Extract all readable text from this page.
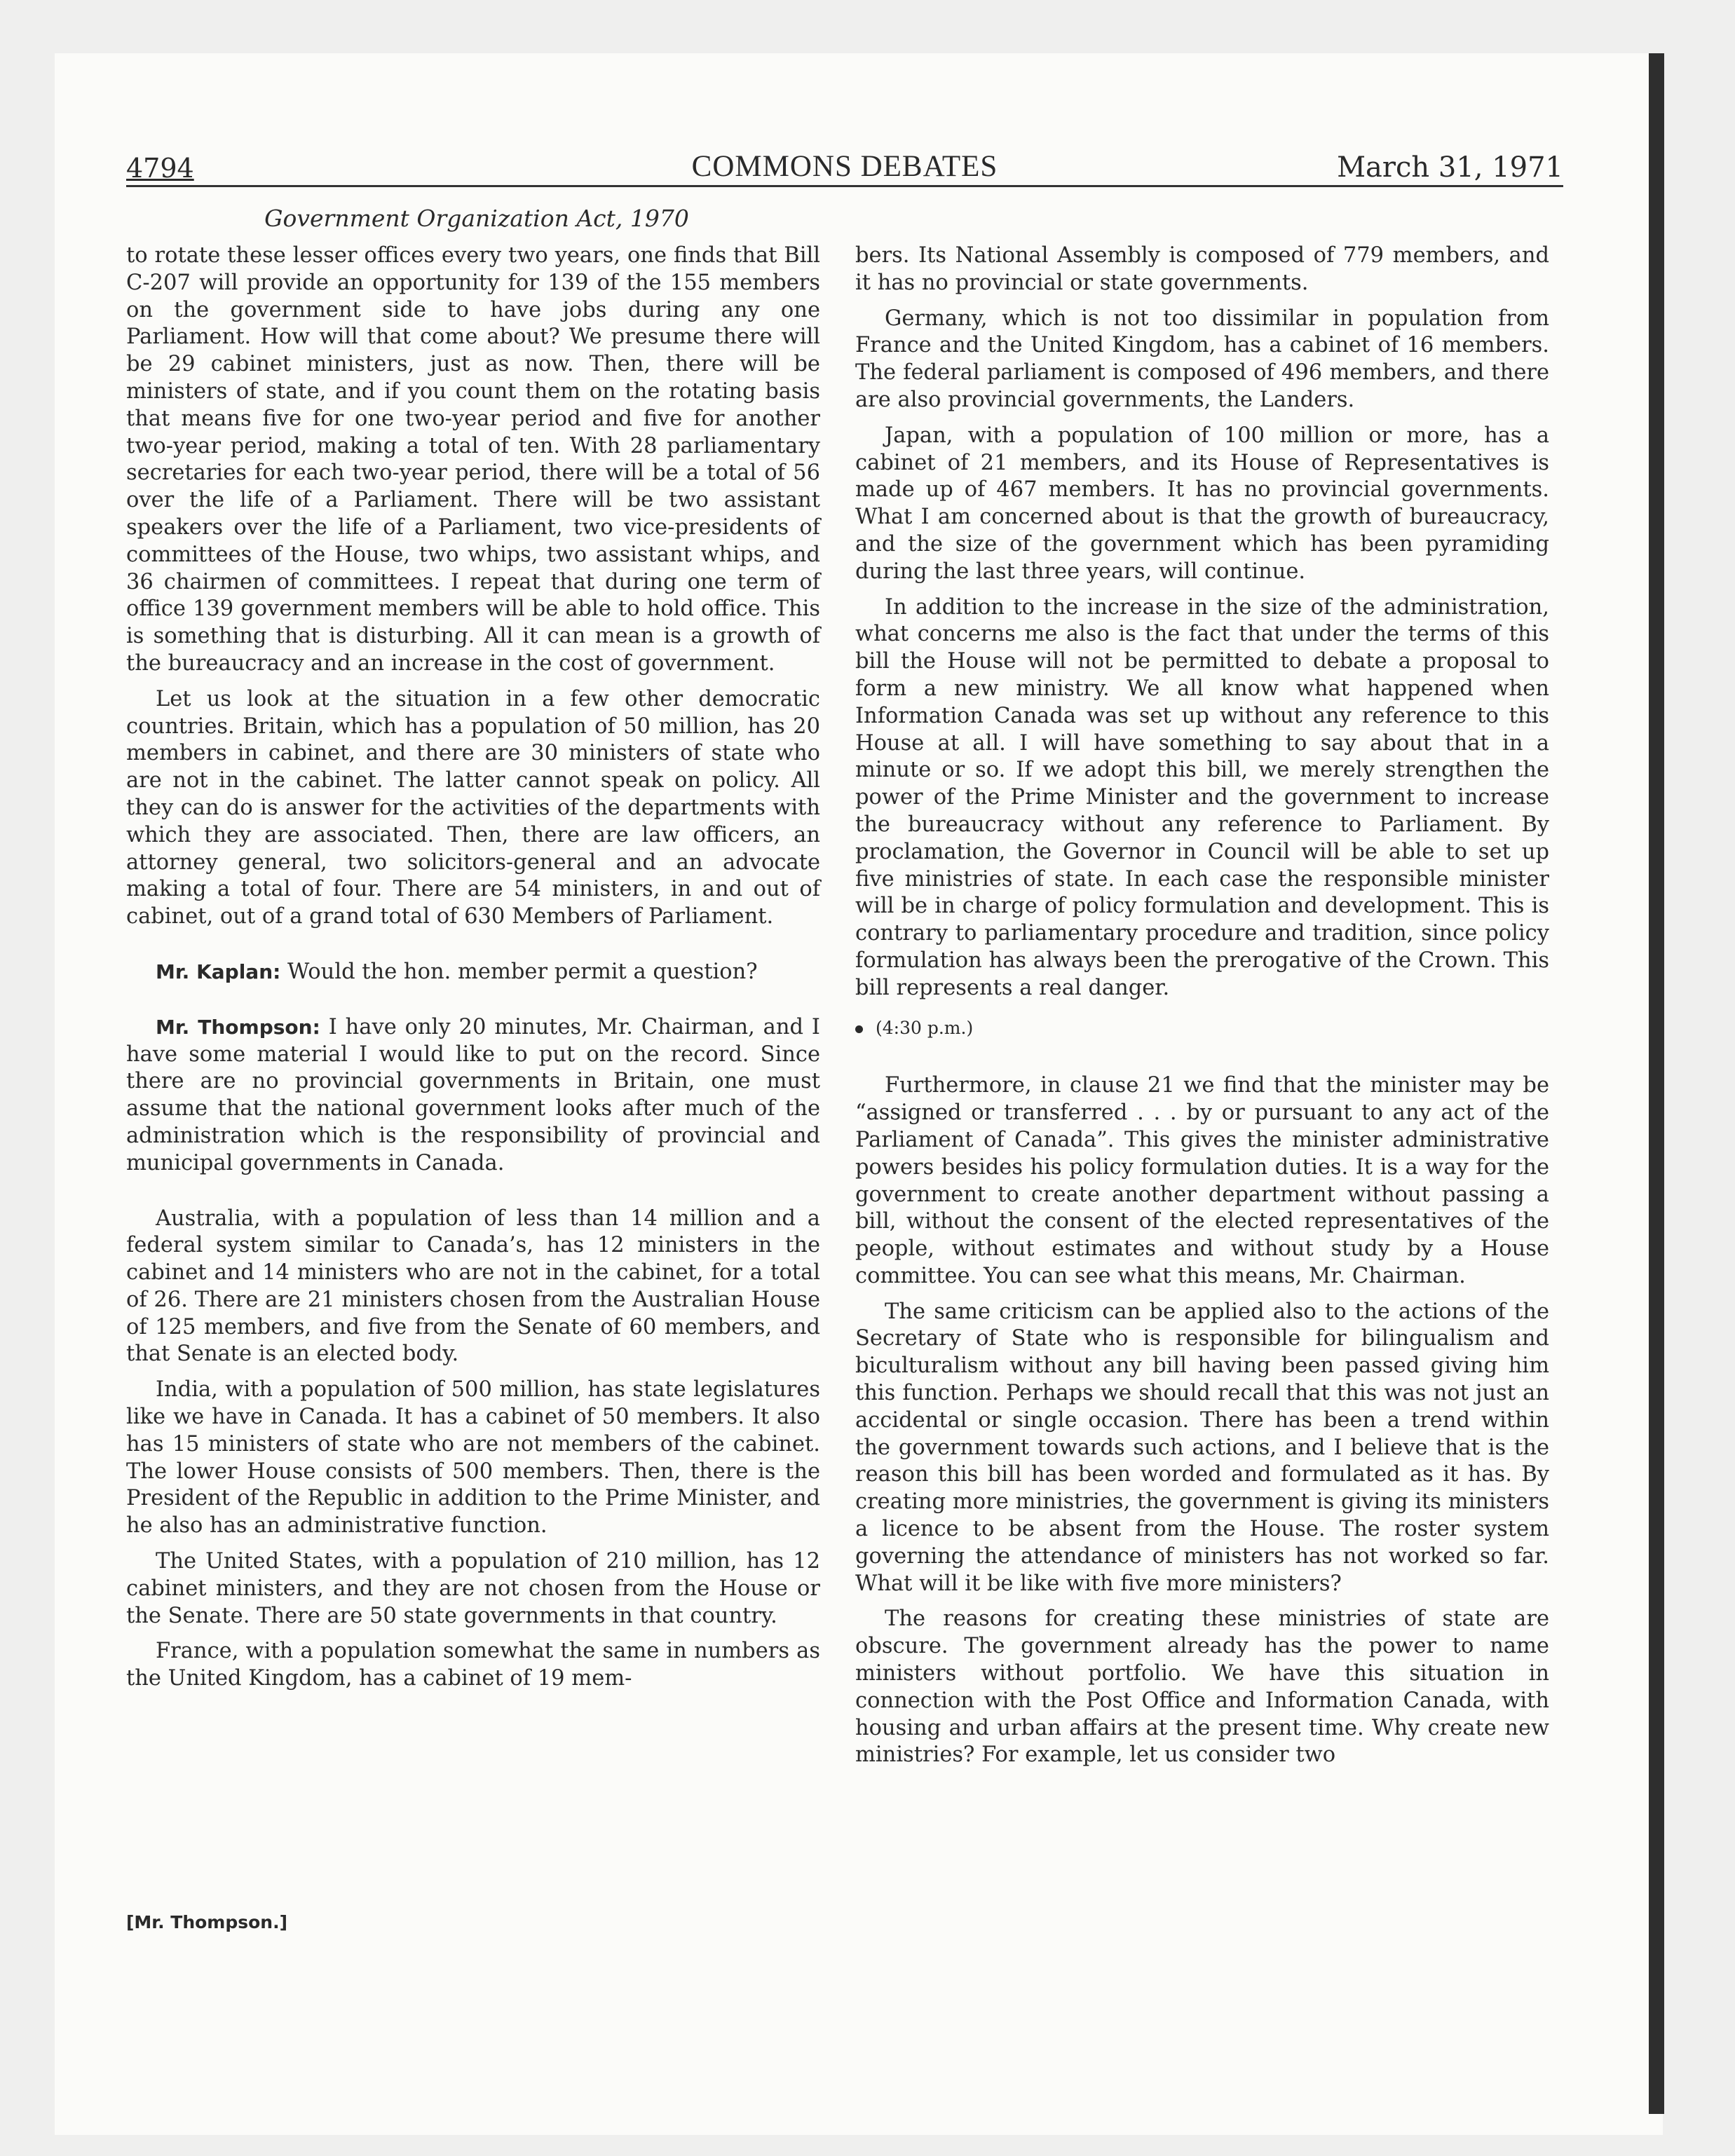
4794	COMMONS DEBATES	March 31, 1971
Government Organization Act, 1970

to rotate these lesser offices every two years, one finds that Bill C-207 will provide an opportunity for 139 of the 155 members on the government side to have jobs during any one Parliament. How will that come about? We presume there will be 29 cabinet ministers, just as now. Then, there will be ministers of state, and if you count them on the rotating basis that means five for one two-year period and five for another two-year period, making a total of ten. With 28 parliamentary secretaries for each two-year period, there will be a total of 56 over the life of a Parliament. There will be two assistant speakers over the life of a Parliament, two vice-presidents of committees of the House, two whips, two assistant whips, and 36 chairmen of committees. I repeat that during one term of office 139 government members will be able to hold office. This is something that is disturbing. All it can mean is a growth of the bureaucracy and an increase in the cost of government.

Let us look at the situation in a few other democratic countries. Britain, which has a population of 50 million, has 20 members in cabinet, and there are 30 ministers of state who are not in the cabinet. The latter cannot speak on policy. All they can do is answer for the activities of the departments with which they are associated. Then, there are law officers, an attorney general, two solicitors-general and an advocate making a total of four. There are 54 ministers, in and out of cabinet, out of a grand total of 630 Members of Parliament.

Mr. Kaplan: Would the hon. member permit a question?

Mr. Thompson: I have only 20 minutes, Mr. Chairman, and I have some material I would like to put on the record. Since there are no provincial governments in Britain, one must assume that the national government looks after much of the administration which is the responsibility of provincial and municipal governments in Canada.

Australia, with a population of less than 14 million and a federal system similar to Canada’s, has 12 ministers in the cabinet and 14 ministers who are not in the cabinet, for a total of 26. There are 21 ministers chosen from the Australian House of 125 members, and five from the Senate of 60 members, and that Senate is an elected body.

India, with a population of 500 million, has state legislatures like we have in Canada. It has a cabinet of 50 members. It also has 15 ministers of state who are not members of the cabinet. The lower House consists of 500 members. Then, there is the President of the Republic in addition to the Prime Minister, and he also has an administrative function.

The United States, with a population of 210 million, has 12 cabinet ministers, and they are not chosen from the House or the Senate. There are 50 state governments in that country.

France, with a population somewhat the same in numbers as the United Kingdom, has a cabinet of 19 mem-

bers. Its National Assembly is composed of 779 members, and it has no provincial or state governments.

Germany, which is not too dissimilar in population from France and the United Kingdom, has a cabinet of 16 members. The federal parliament is composed of 496 members, and there are also provincial governments, the Landers.

Japan, with a population of 100 million or more, has a cabinet of 21 members, and its House of Representatives is made up of 467 members. It has no provincial governments. What I am concerned about is that the growth of bureaucracy, and the size of the government which has been pyramiding during the last three years, will continue.

In addition to the increase in the size of the administration, what concerns me also is the fact that under the terms of this bill the House will not be permitted to debate a proposal to form a new ministry. We all know what happened when Information Canada was set up without any reference to this House at all. I will have something to say about that in a minute or so. If we adopt this bill, we merely strengthen the power of the Prime Minister and the government to increase the bureaucracy without any reference to Parliament. By proclamation, the Governor in Council will be able to set up five ministries of state. In each case the responsible minister will be in charge of policy formulation and development. This is contrary to parliamentary procedure and tradition, since policy formulation has always been the prerogative of the Crown. This bill represents a real danger.

(4:30 p.m.)

Furthermore, in clause 21 we find that the minister may be “assigned or transferred . . . by or pursuant to any act of the Parliament of Canada”. This gives the minister administrative powers besides his policy formulation duties. It is a way for the government to create another department without passing a bill, without the consent of the elected representatives of the people, without estimates and without study by a House committee. You can see what this means, Mr. Chairman.

The same criticism can be applied also to the actions of the Secretary of State who is responsible for bilingualism and biculturalism without any bill having been passed giving him this function. Perhaps we should recall that this was not just an accidental or single occasion. There has been a trend within the government towards such actions, and I believe that is the reason this bill has been worded and formulated as it has. By creating more ministries, the government is giving its ministers a licence to be absent from the House. The roster system governing the attendance of ministers has not worked so far. What will it be like with five more ministers?

The reasons for creating these ministries of state are obscure. The government already has the power to name ministers without portfolio. We have this situation in connection with the Post Office and Information Canada, with housing and urban affairs at the present time. Why create new ministries? For example, let us consider two

[Mr. Thompson.]
